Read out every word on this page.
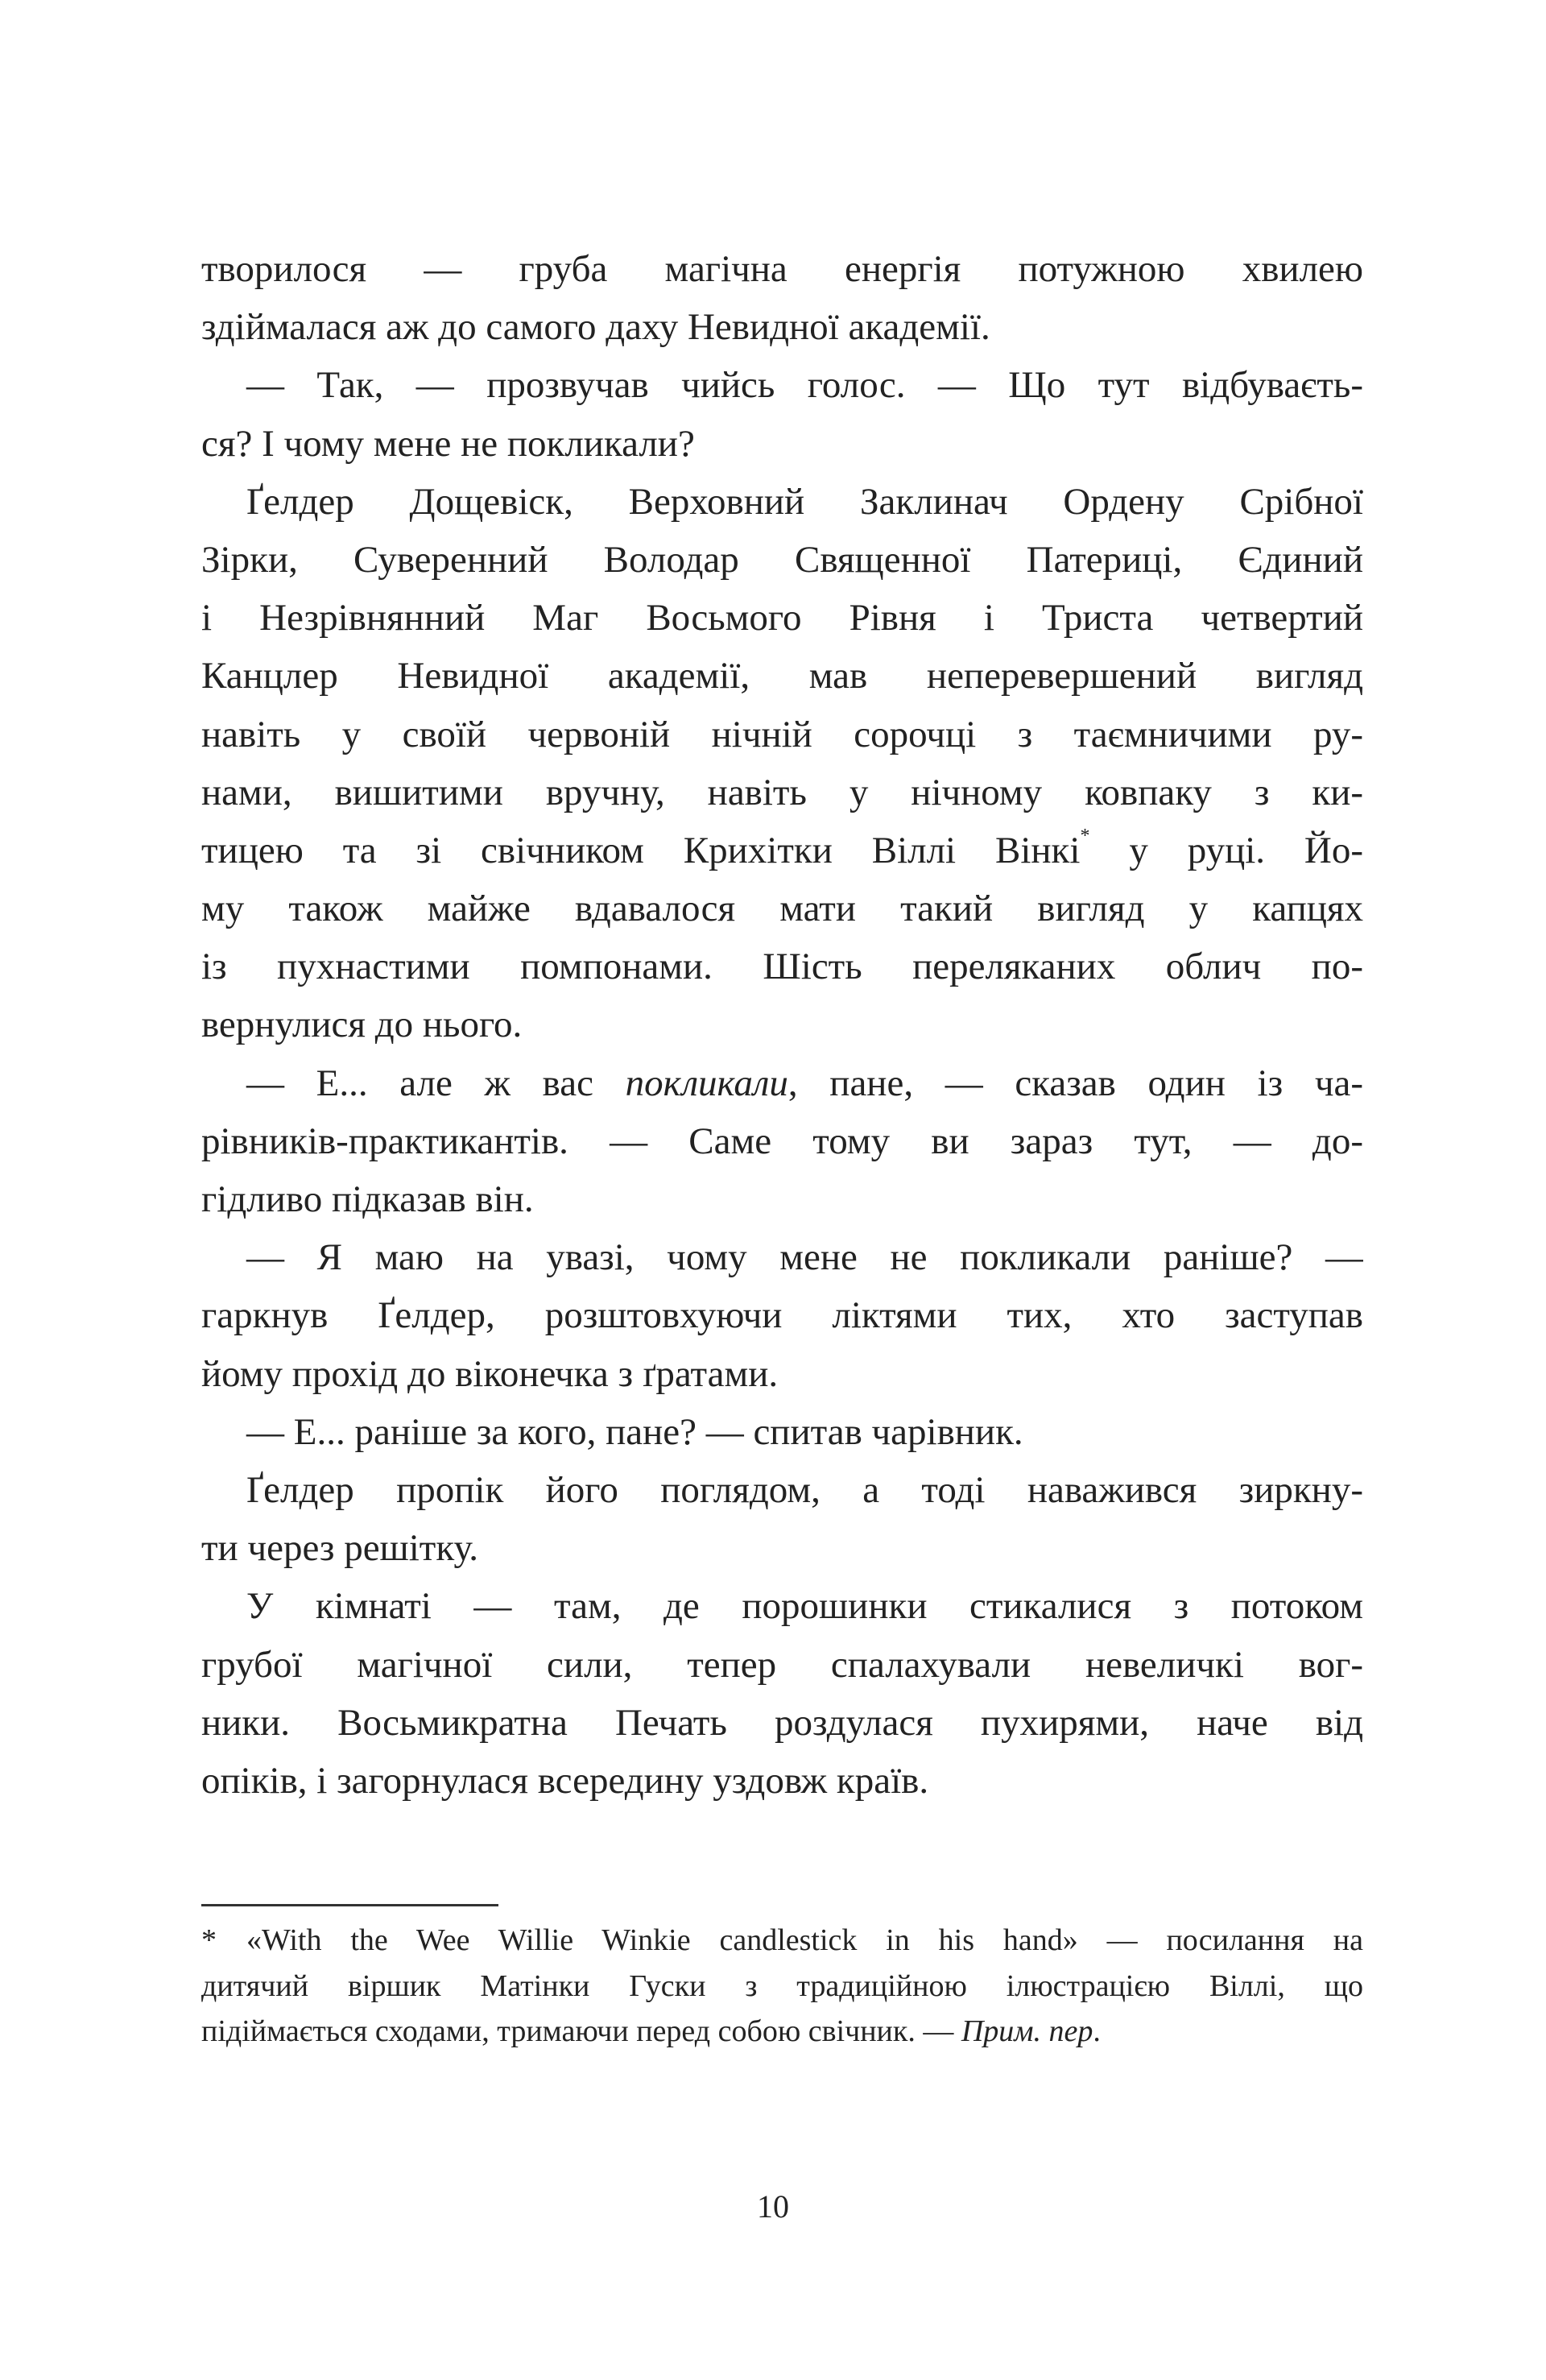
творилося — груба магічна енергія потужною хвилею
здіймалася аж до самого даху Невидної академії.
— Так, — прозвучав чийсь голос. — Що тут відбуваєть-
ся? І чому мене не покликали?
Ґелдер Дощевіск, Верховний Заклинач Ордену Срібної
Зірки, Суверенний Володар Священної Патериці, Єдиний
і Незрівнянний Маг Восьмого Рівня і Триста четвертий
Канцлер Невидної академії, мав неперевершений вигляд
навіть у своїй червоній нічній сорочці з таємничими ру-
нами, вишитими вручну, навіть у нічному ковпаку з ки-
тицею та зі свічником Крихітки Віллі Вінкі* у руці. Йо-
му також майже вдавалося мати такий вигляд у капцях
із пухнастими помпонами. Шість переляканих облич по-
вернулися до нього.
— Е... але ж вас покликали, пане, — сказав один із ча-
рівників-практикантів. — Саме тому ви зараз тут, — до-
гідливо підказав він.
— Я маю на увазі, чому мене не покликали раніше? —
гаркнув Ґелдер, розштовхуючи ліктями тих, хто заступав
йому прохід до віконечка з ґратами.
— Е... раніше за кого, пане? — спитав чарівник.
Ґелдер пропік його поглядом, а тоді наважився зиркну-
ти через решітку.
У кімнаті — там, де порошинки стикалися з потоком
грубої магічної сили, тепер спалахували невеличкі вог-
ники. Восьмикратна Печать роздулася пухирями, наче від
опіків, і загорнулася всередину уздовж країв.
* «With the Wee Willie Winkie candlestick in his hand» — посилання на
дитячий віршик Матінки Гуски з традиційною ілюстрацією Віллі, що
підіймається сходами, тримаючи перед собою свічник. — Прим. пер.
10
